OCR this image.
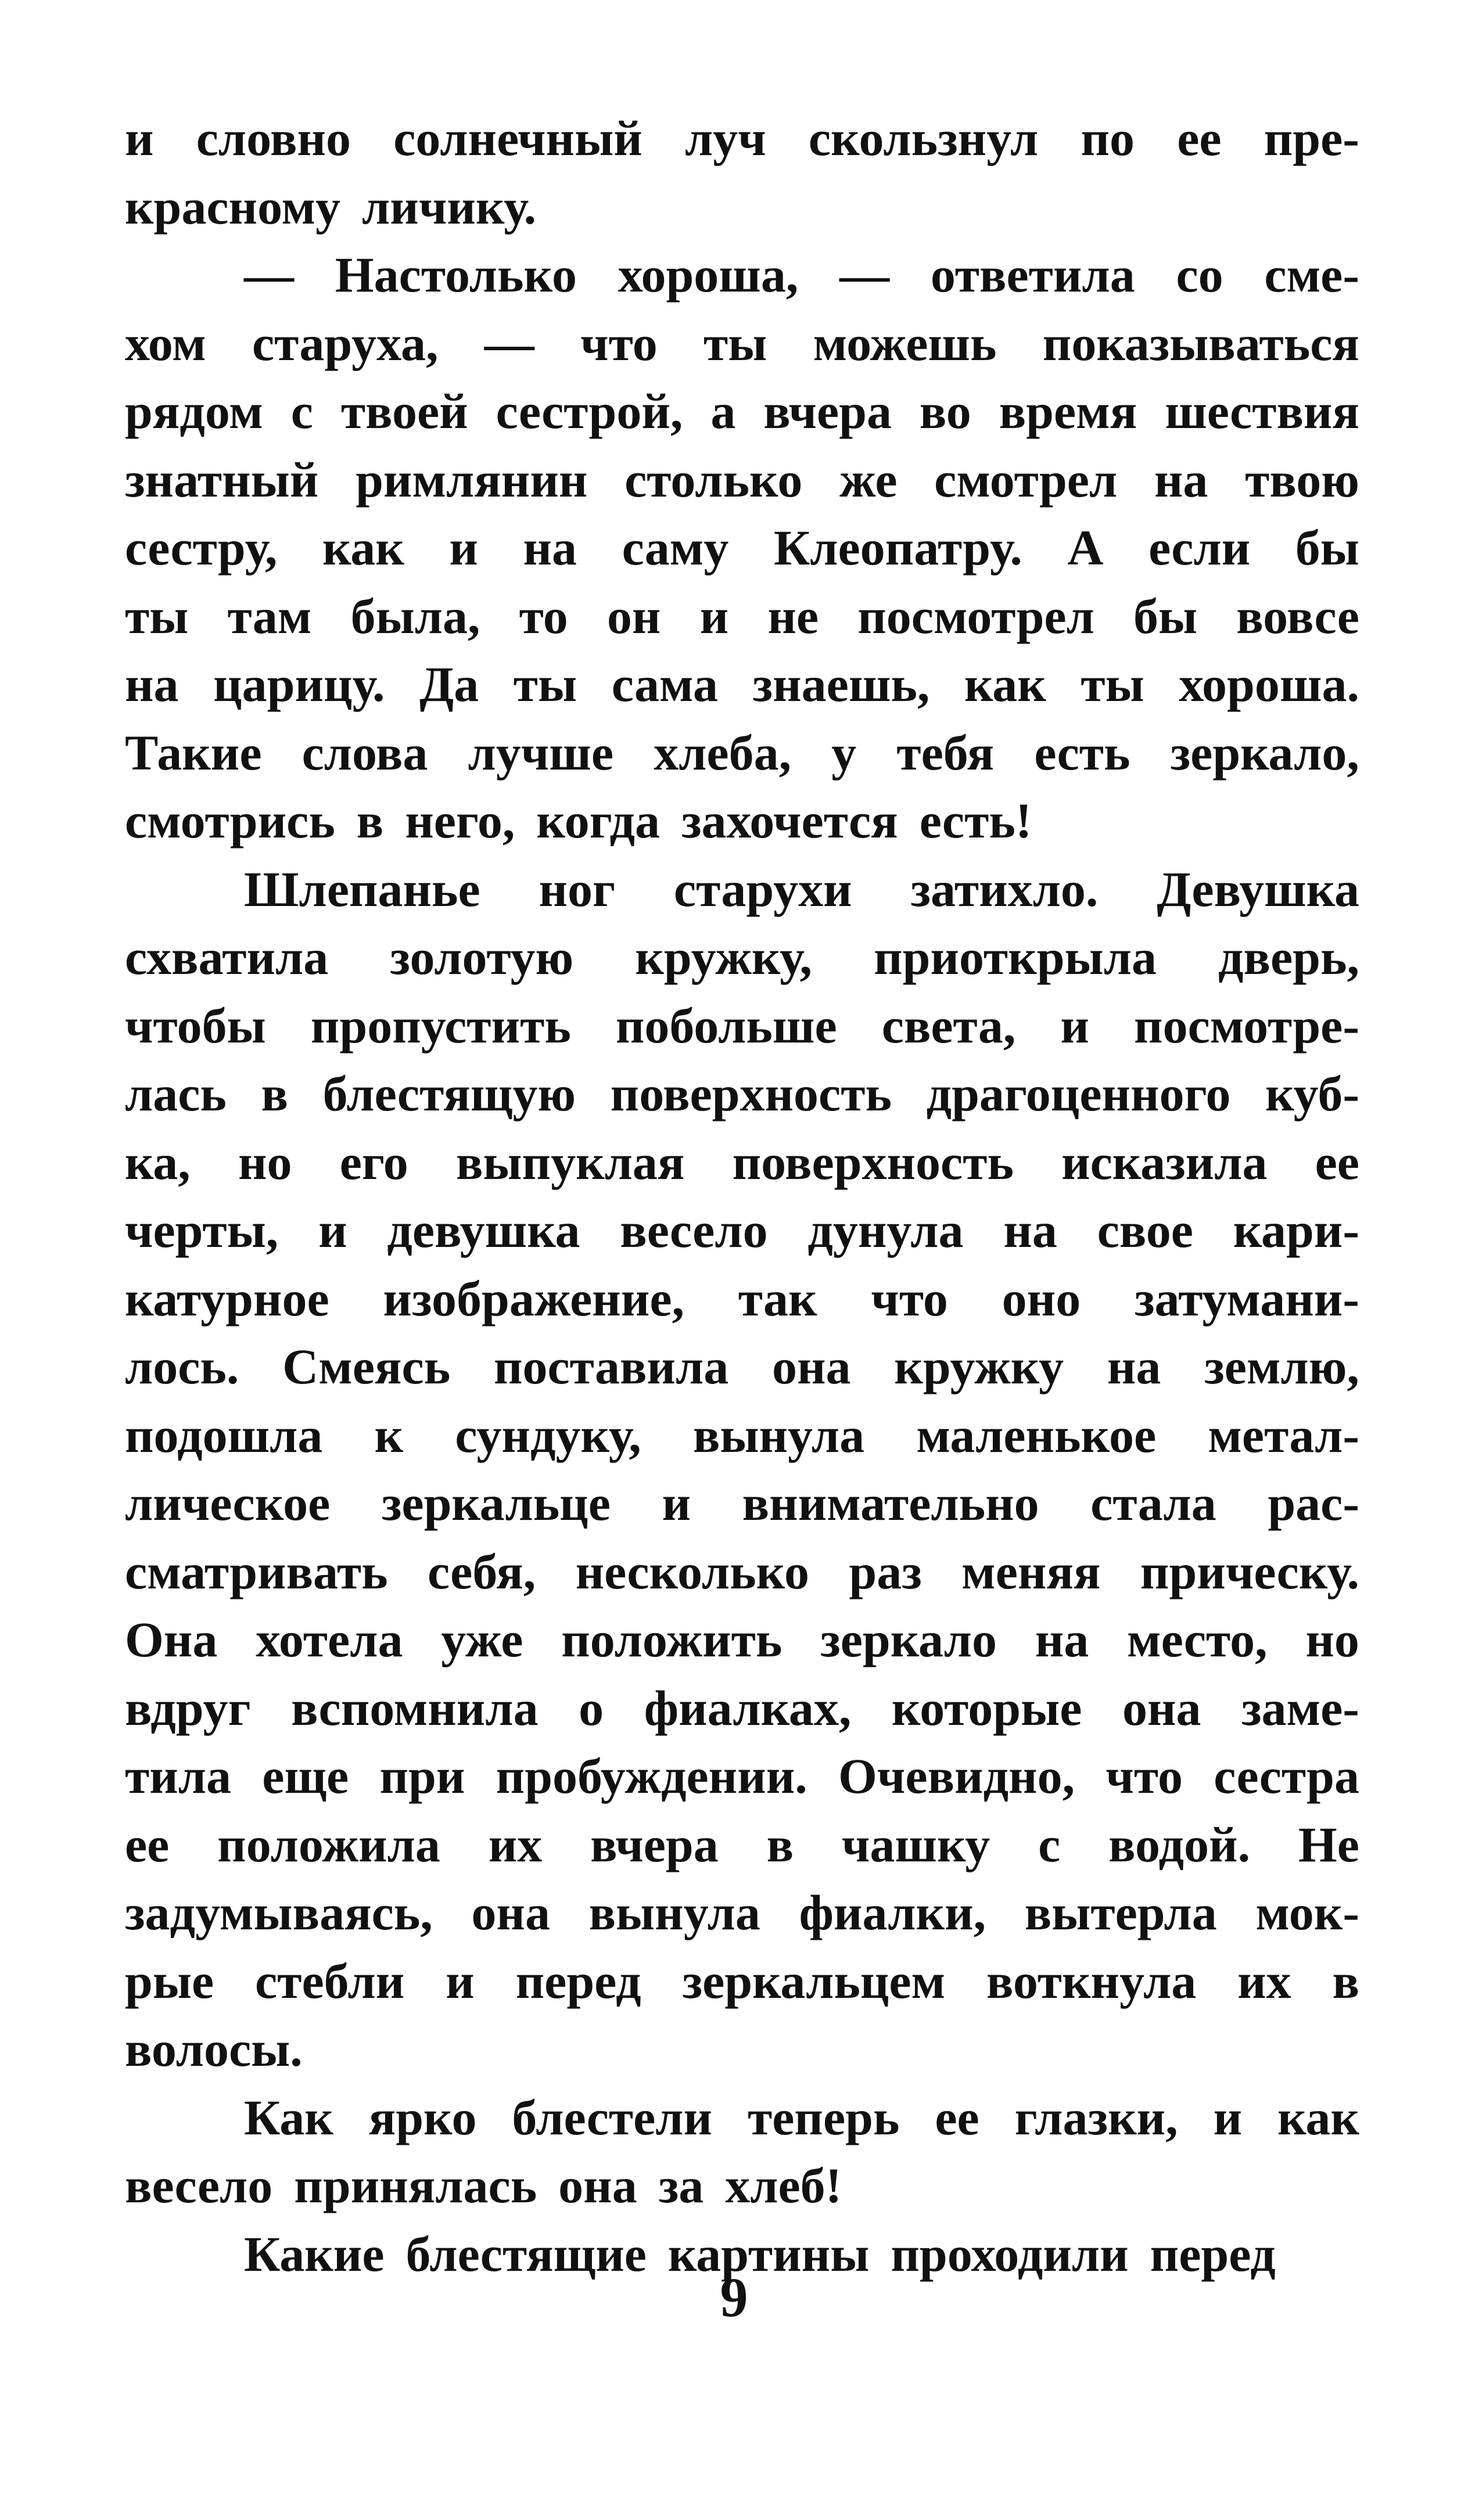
и словно солнечный луч скользнул по ее пре-
красному личику.
— Настолько хороша, — ответила со сме-
хом старуха, — что ты можешь показываться
рядом с твоей сестрой, а вчера во время шествия
знатный римлянин столько же смотрел на твою
сестру, как и на саму Клеопатру. А если бы
ты там была, то он и не посмотрел бы вовсе
на царицу. Да ты сама знаешь, как ты хороша.
Такие слова лучше хлеба, у тебя есть зеркало,
смотрись в него, когда захочется есть!
Шлепанье ног старухи затихло. Девушка
схватила золотую кружку, приоткрыла дверь,
чтобы пропустить побольше света, и посмотре-
лась в блестящую поверхность драгоценного куб-
ка, но его выпуклая поверхность исказила ее
черты, и девушка весело дунула на свое кари-
катурное изображение, так что оно затумани-
лось. Смеясь поставила она кружку на землю,
подошла к сундуку, вынула маленькое метал-
лическое зеркальце и внимательно стала рас-
сматривать себя, несколько раз меняя прическу.
Она хотела уже положить зеркало на место, но
вдруг вспомнила о фиалках, которые она заме-
тила еще при пробуждении. Очевидно, что сестра
ее положила их вчера в чашку с водой. Не
задумываясь, она вынула фиалки, вытерла мок-
рые стебли и перед зеркальцем воткнула их в
волосы.
Как ярко блестели теперь ее глазки, и как
весело принялась она за хлеб!
Какие блестящие картины проходили перед
9
